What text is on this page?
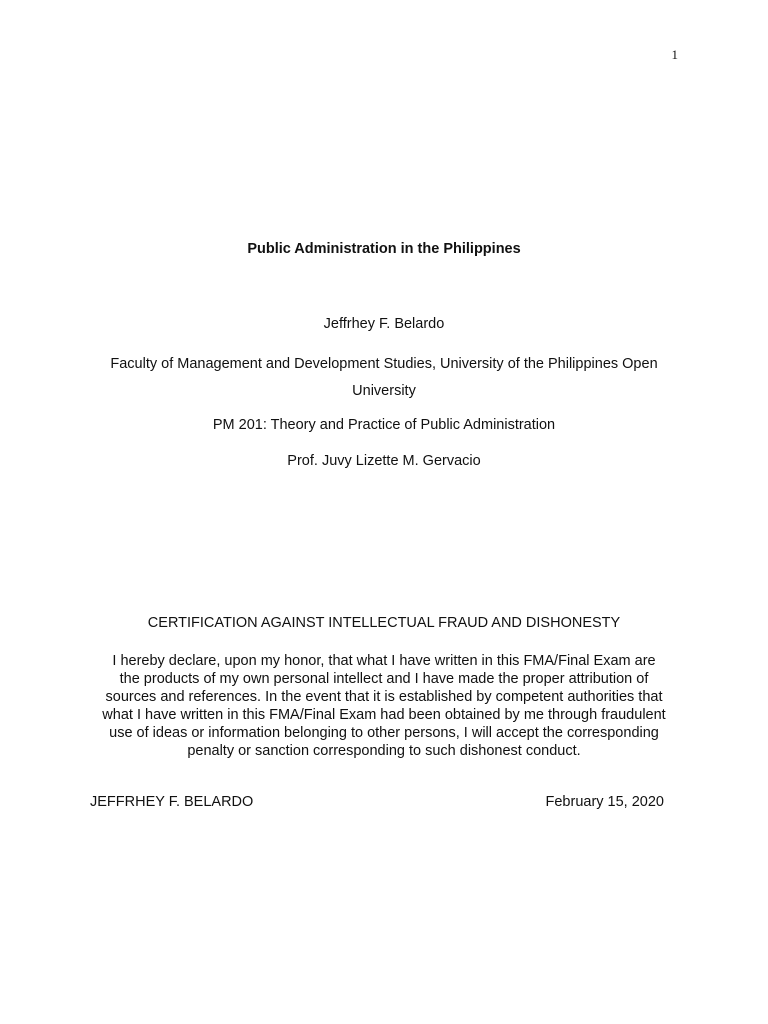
1
Public Administration in the Philippines
Jeffrhey F. Belardo
Faculty of Management and Development Studies, University of the Philippines Open University
PM 201: Theory and Practice of Public Administration
Prof. Juvy Lizette M. Gervacio
CERTIFICATION AGAINST INTELLECTUAL FRAUD AND DISHONESTY
I hereby declare, upon my honor, that what I have written in this FMA/Final Exam are
the products of my own personal intellect and I have made the proper attribution of
sources and references. In the event that it is established by competent authorities that
what I have written in this FMA/Final Exam had been obtained by me through fraudulent
use of ideas or information belonging to other persons, I will accept the corresponding
penalty or sanction corresponding to such dishonest conduct.
JEFFRHEY F. BELARDO	February 15, 2020
